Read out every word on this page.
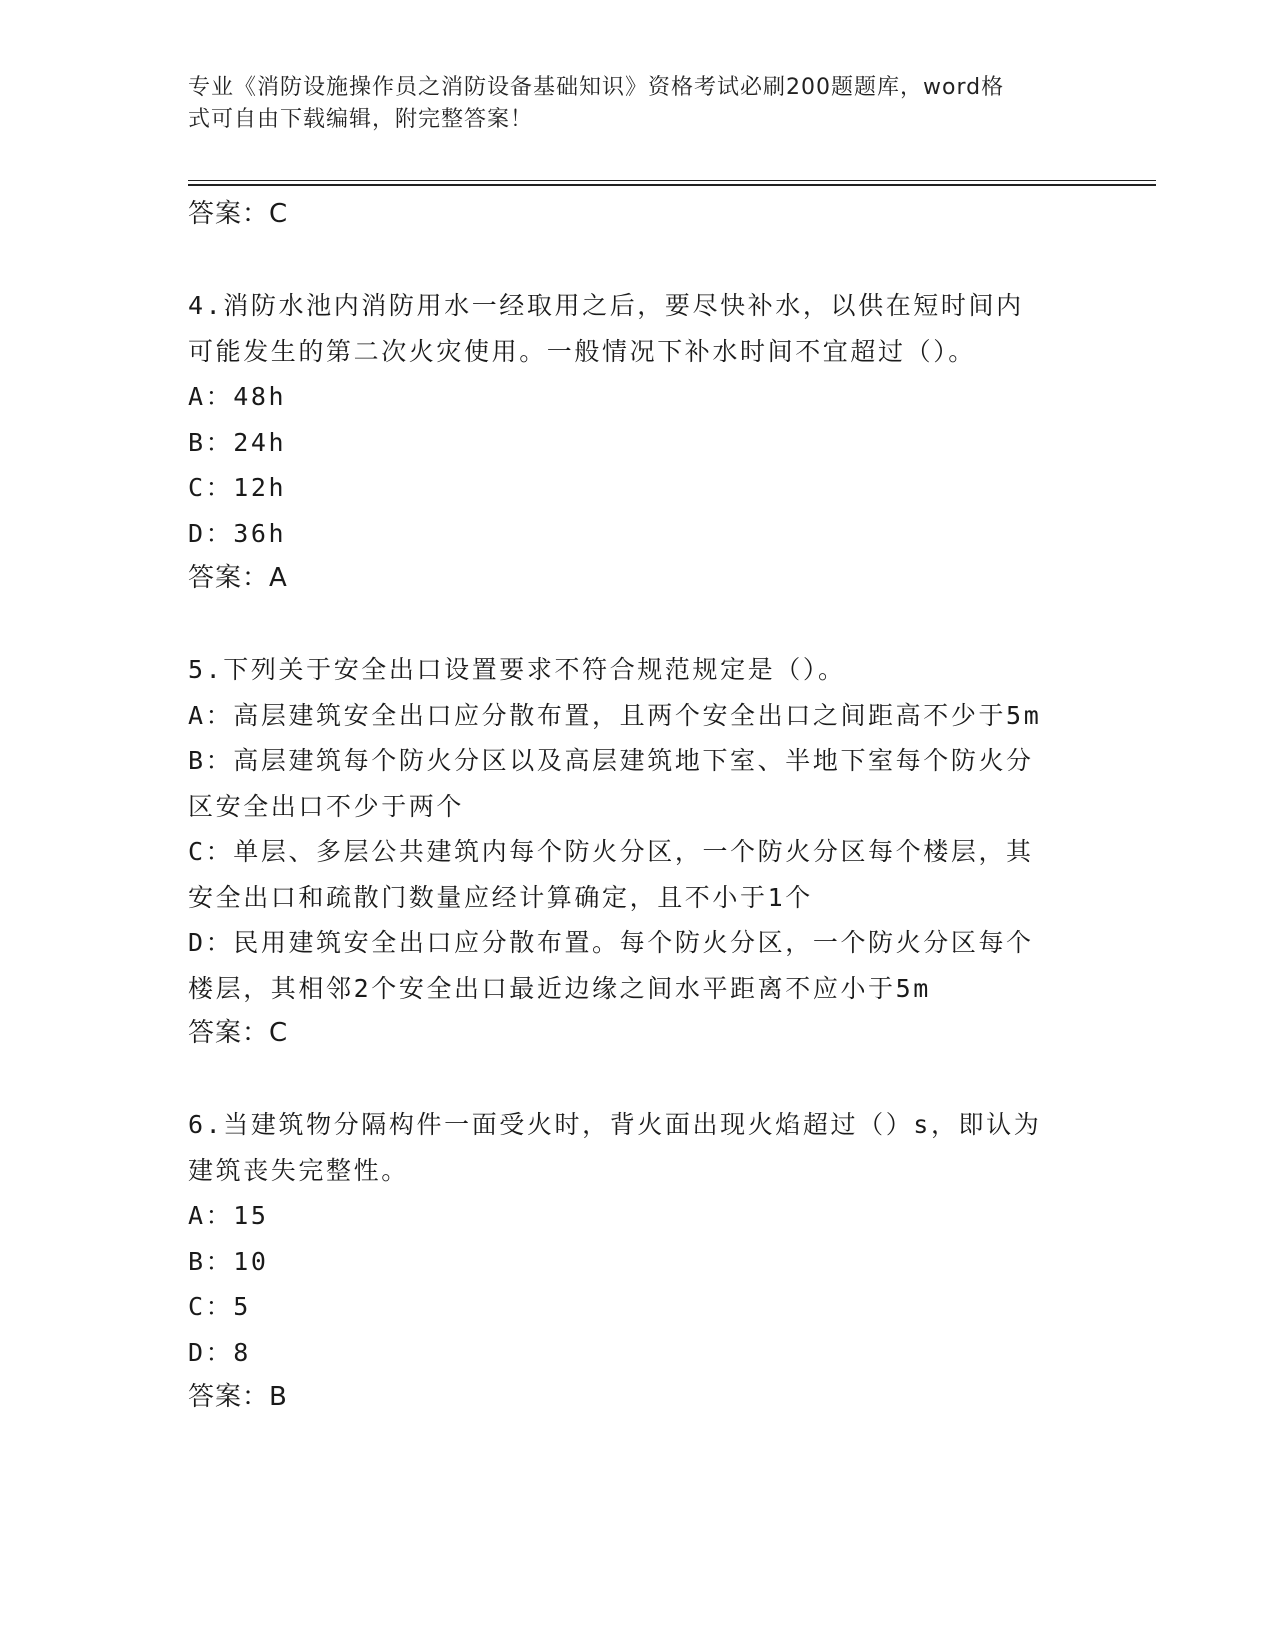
专业《消防设施操作员之消防设备基础知识》资格考试必刷200题题库，word格
式可自由下载编辑，附完整答案！
答案：C
4.消防水池内消防用水一经取用之后，要尽快补水，以供在短时间内
可能发生的第二次火灾使用。一般情况下补水时间不宜超过（）。
A：48h
B：24h
C：12h
D：36h
答案：A
5.下列关于安全出口设置要求不符合规范规定是（）。
A：高层建筑安全出口应分散布置，且两个安全出口之间距高不少于5m
B：高层建筑每个防火分区以及高层建筑地下室、半地下室每个防火分
区安全出口不少于两个
C：单层、多层公共建筑内每个防火分区，一个防火分区每个楼层，其
安全出口和疏散门数量应经计算确定，且不小于1个
D：民用建筑安全出口应分散布置。每个防火分区，一个防火分区每个
楼层，其相邻2个安全出口最近边缘之间水平距离不应小于5m
答案：C
6.当建筑物分隔构件一面受火时，背火面出现火焰超过（）s，即认为
建筑丧失完整性。
A：15
B：10
C：5
D：8
答案：B
